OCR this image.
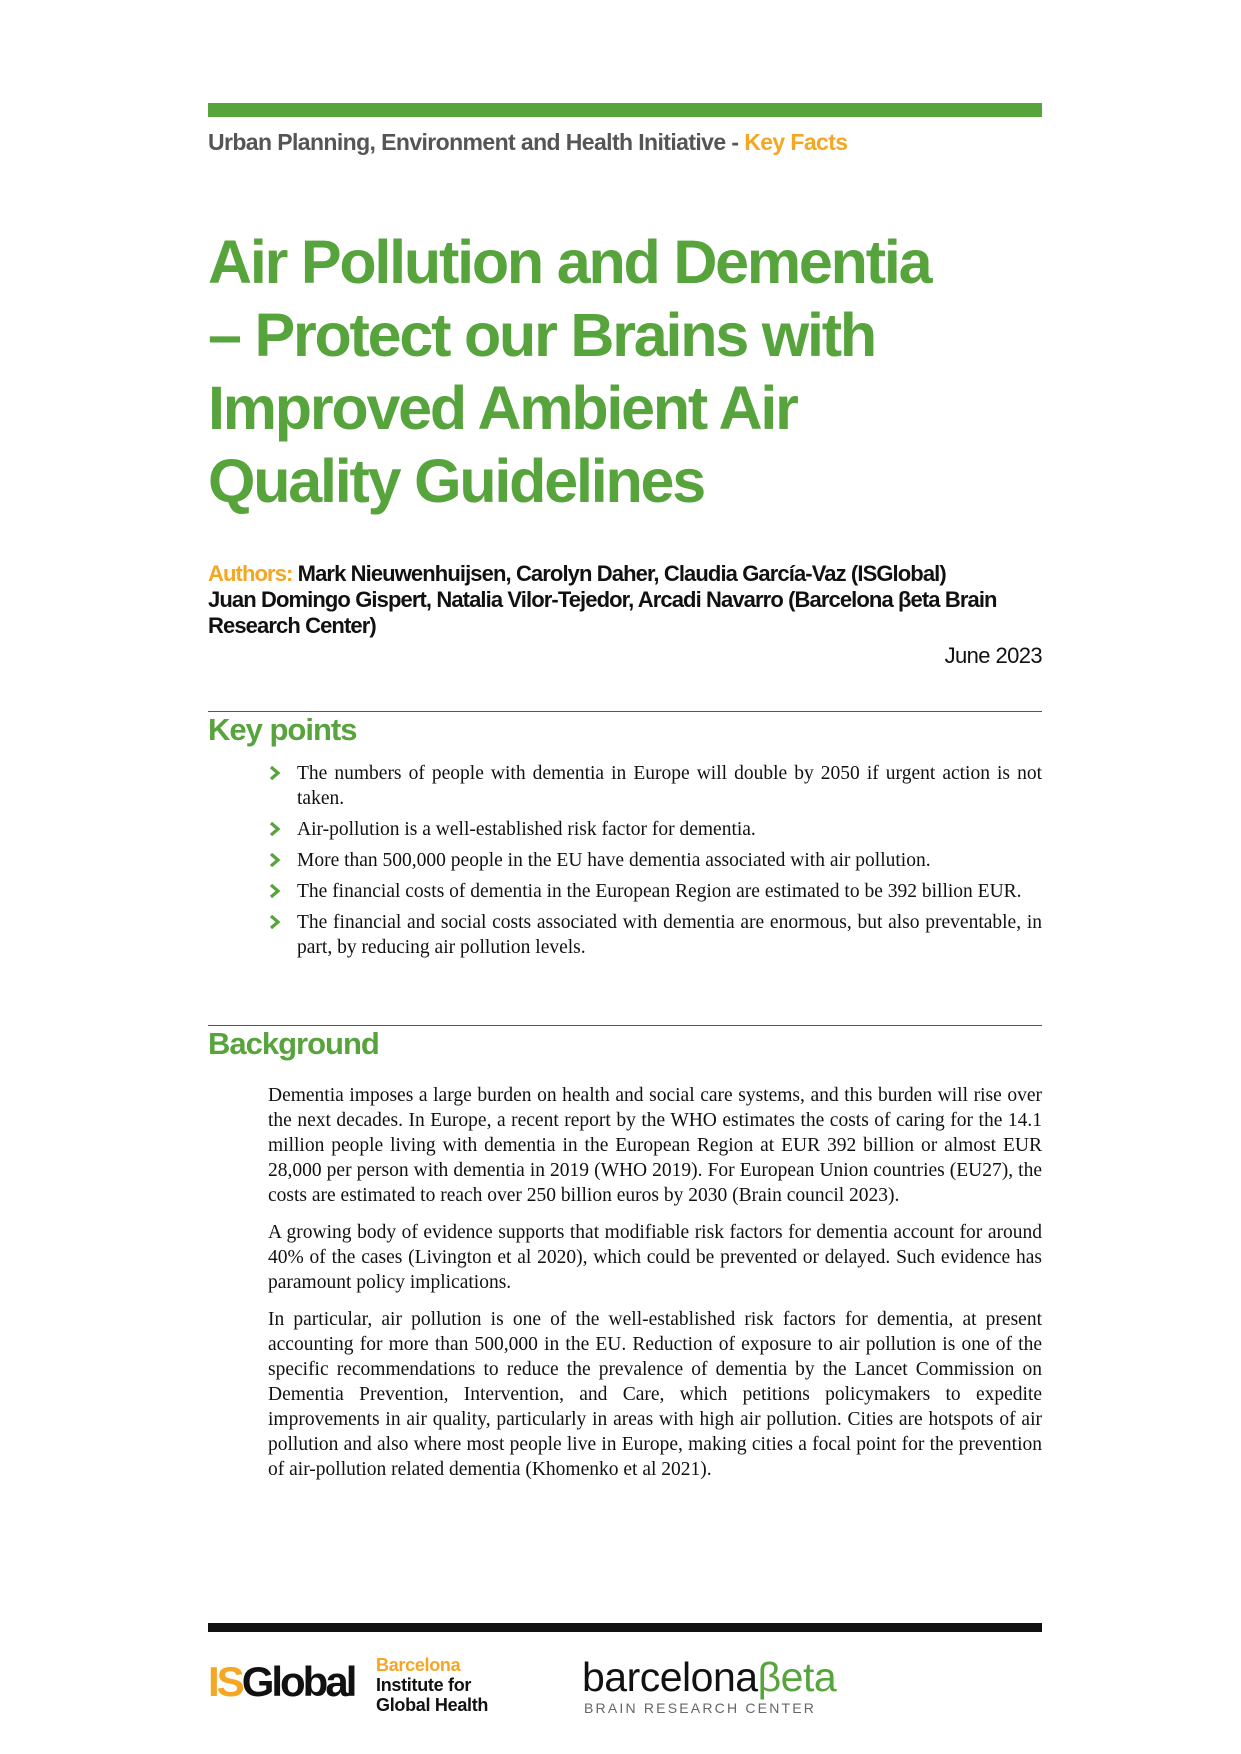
Urban Planning, Environment and Health Initiative - Key Facts
Air Pollution and Dementia
– Protect our Brains with
Improved Ambient Air
Quality Guidelines
Authors: Mark Nieuwenhuijsen, Carolyn Daher, Claudia García-Vaz (ISGlobal)
Juan Domingo Gispert, Natalia Vilor-Tejedor, Arcadi Navarro (Barcelona βeta Brain
Research Center)
June 2023
Key points
The numbers of people with dementia in Europe will double by 2050 if urgent action is not taken.
Air-pollution is a well-established risk factor for dementia.
More than 500,000 people in the EU have dementia associated with air pollution.
The financial costs of dementia in the European Region are estimated to be 392 billion EUR.
The financial and social costs associated with dementia are enormous, but also preventable, in part, by reducing air pollution levels.
Background

Dementia imposes a large burden on health and social care systems, and this burden will rise over the next decades. In Europe, a recent report by the WHO estimates the costs of caring for the 14.1 million people living with dementia in the European Region at EUR 392 billion or almost EUR 28,000 per person with dementia in 2019 (WHO 2019). For European Union countries (EU27), the costs are estimated to reach over 250 billion euros by 2030 (Brain council 2023).

A growing body of evidence supports that modifiable risk factors for dementia account for around 40% of the cases (Livington et al 2020), which could be prevented or delayed. Such evidence has paramount policy implications.

In particular, air pollution is one of the well-established risk factors for dementia, at present accounting for more than 500,000 in the EU. Reduction of exposure to air pollution is one of the specific recommendations to reduce the prevalence of dementia by the Lancet Commission on Dementia Prevention, Intervention, and Care, which petitions policymakers to expedite improvements in air quality, particularly in areas with high air pollution. Cities are hotspots of air pollution and also where most people live in Europe, making cities a focal point for the prevention of air-pollution related dementia (Khomenko et al 2021).

ISGlobal Barcelona
Institute for
Global Health
barcelonaβeta
BRAIN RESEARCH CENTER
